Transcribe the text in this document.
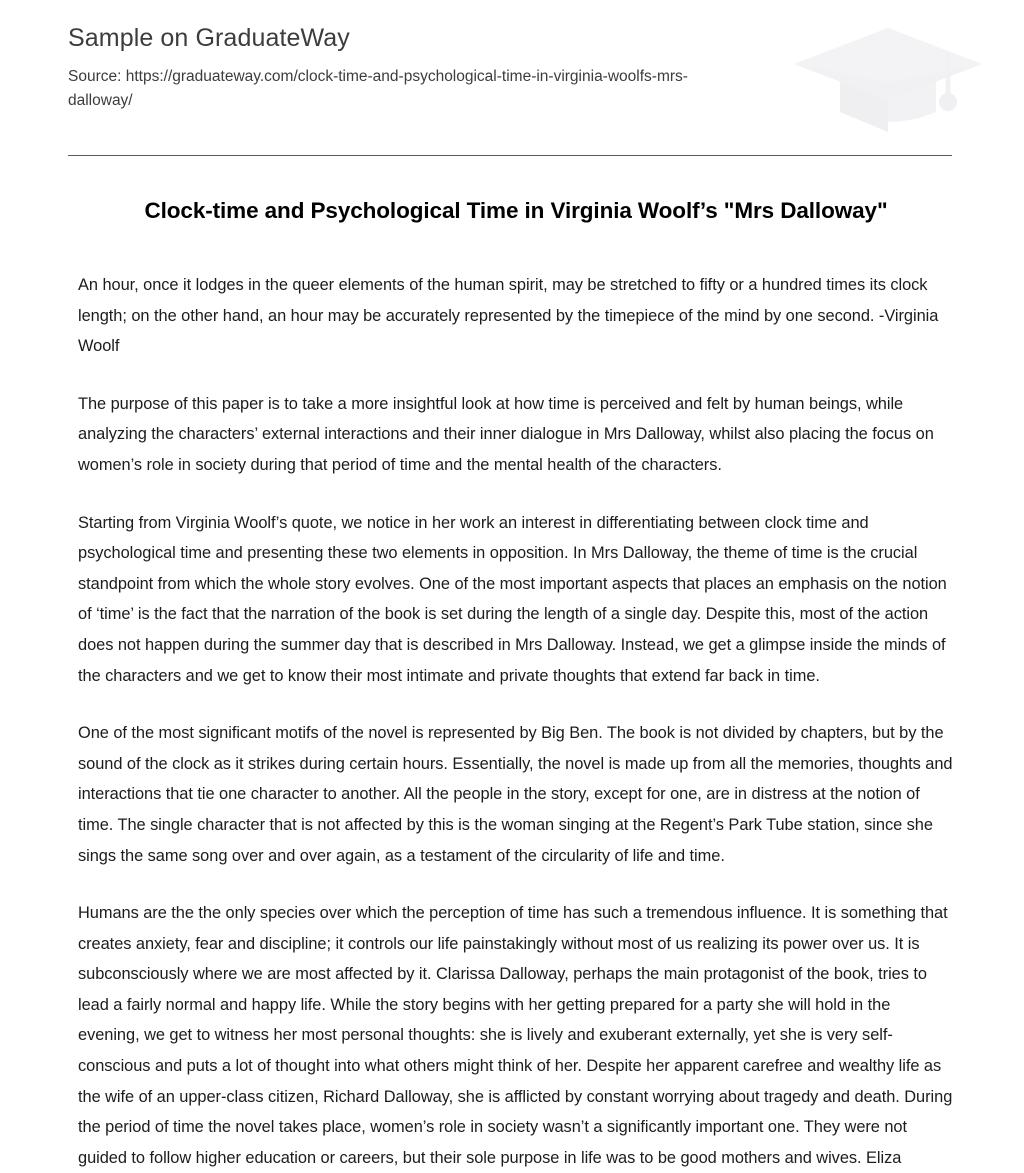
Sample on GraduateWay
Source: https://graduateway.com/clock-time-and-psychological-time-in-virginia-woolfs-mrs-dalloway/
Clock-time and Psychological Time in Virginia Woolf’s "Mrs Dalloway"

An hour, once it lodges in the queer elements of the human spirit, may be stretched to fifty or a hundred times its clock length; on the other hand, an hour may be accurately represented by the timepiece of the mind by one second. -Virginia Woolf

The purpose of this paper is to take a more insightful look at how time is perceived and felt by human beings, while analyzing the characters’ external interactions and their inner dialogue in Mrs Dalloway, whilst also placing the focus on women’s role in society during that period of time and the mental health of the characters.

Starting from Virginia Woolf’s quote, we notice in her work an interest in differentiating between clock time and psychological time and presenting these two elements in opposition. In Mrs Dalloway, the theme of time is the crucial standpoint from which the whole story evolves. One of the most important aspects that places an emphasis on the notion of ‘time’ is the fact that the narration of the book is set during the length of a single day. Despite this, most of the action does not happen during the summer day that is described in Mrs Dalloway. Instead, we get a glimpse inside the minds of the characters and we get to know their most intimate and private thoughts that extend far back in time.

One of the most significant motifs of the novel is represented by Big Ben. The book is not divided by chapters, but by the sound of the clock as it strikes during certain hours. Essentially, the novel is made up from all the memories, thoughts and interactions that tie one character to another. All the people in the story, except for one, are in distress at the notion of time. The single character that is not affected by this is the woman singing at the Regent’s Park Tube station, since she sings the same song over and over again, as a testament of the circularity of life and time.

Humans are the the only species over which the perception of time has such a tremendous influence. It is something that creates anxiety, fear and discipline; it controls our life painstakingly without most of us realizing its power over us. It is subconsciously where we are most affected by it. Clarissa Dalloway, perhaps the main protagonist of the book, tries to lead a fairly normal and happy life. While the story begins with her getting prepared for a party she will hold in the evening, we get to witness her most personal thoughts: she is lively and exuberant externally, yet she is very self-conscious and puts a lot of thought into what others might think of her. Despite her apparent carefree and wealthy life as the wife of an upper-class citizen, Richard Dalloway, she is afflicted by constant worrying about tragedy and death. During the period of time the novel takes place, women’s role in society wasn’t a significantly important one. They were not guided to follow higher education or careers, but their sole purpose in life was to be good mothers and wives. Eliza
